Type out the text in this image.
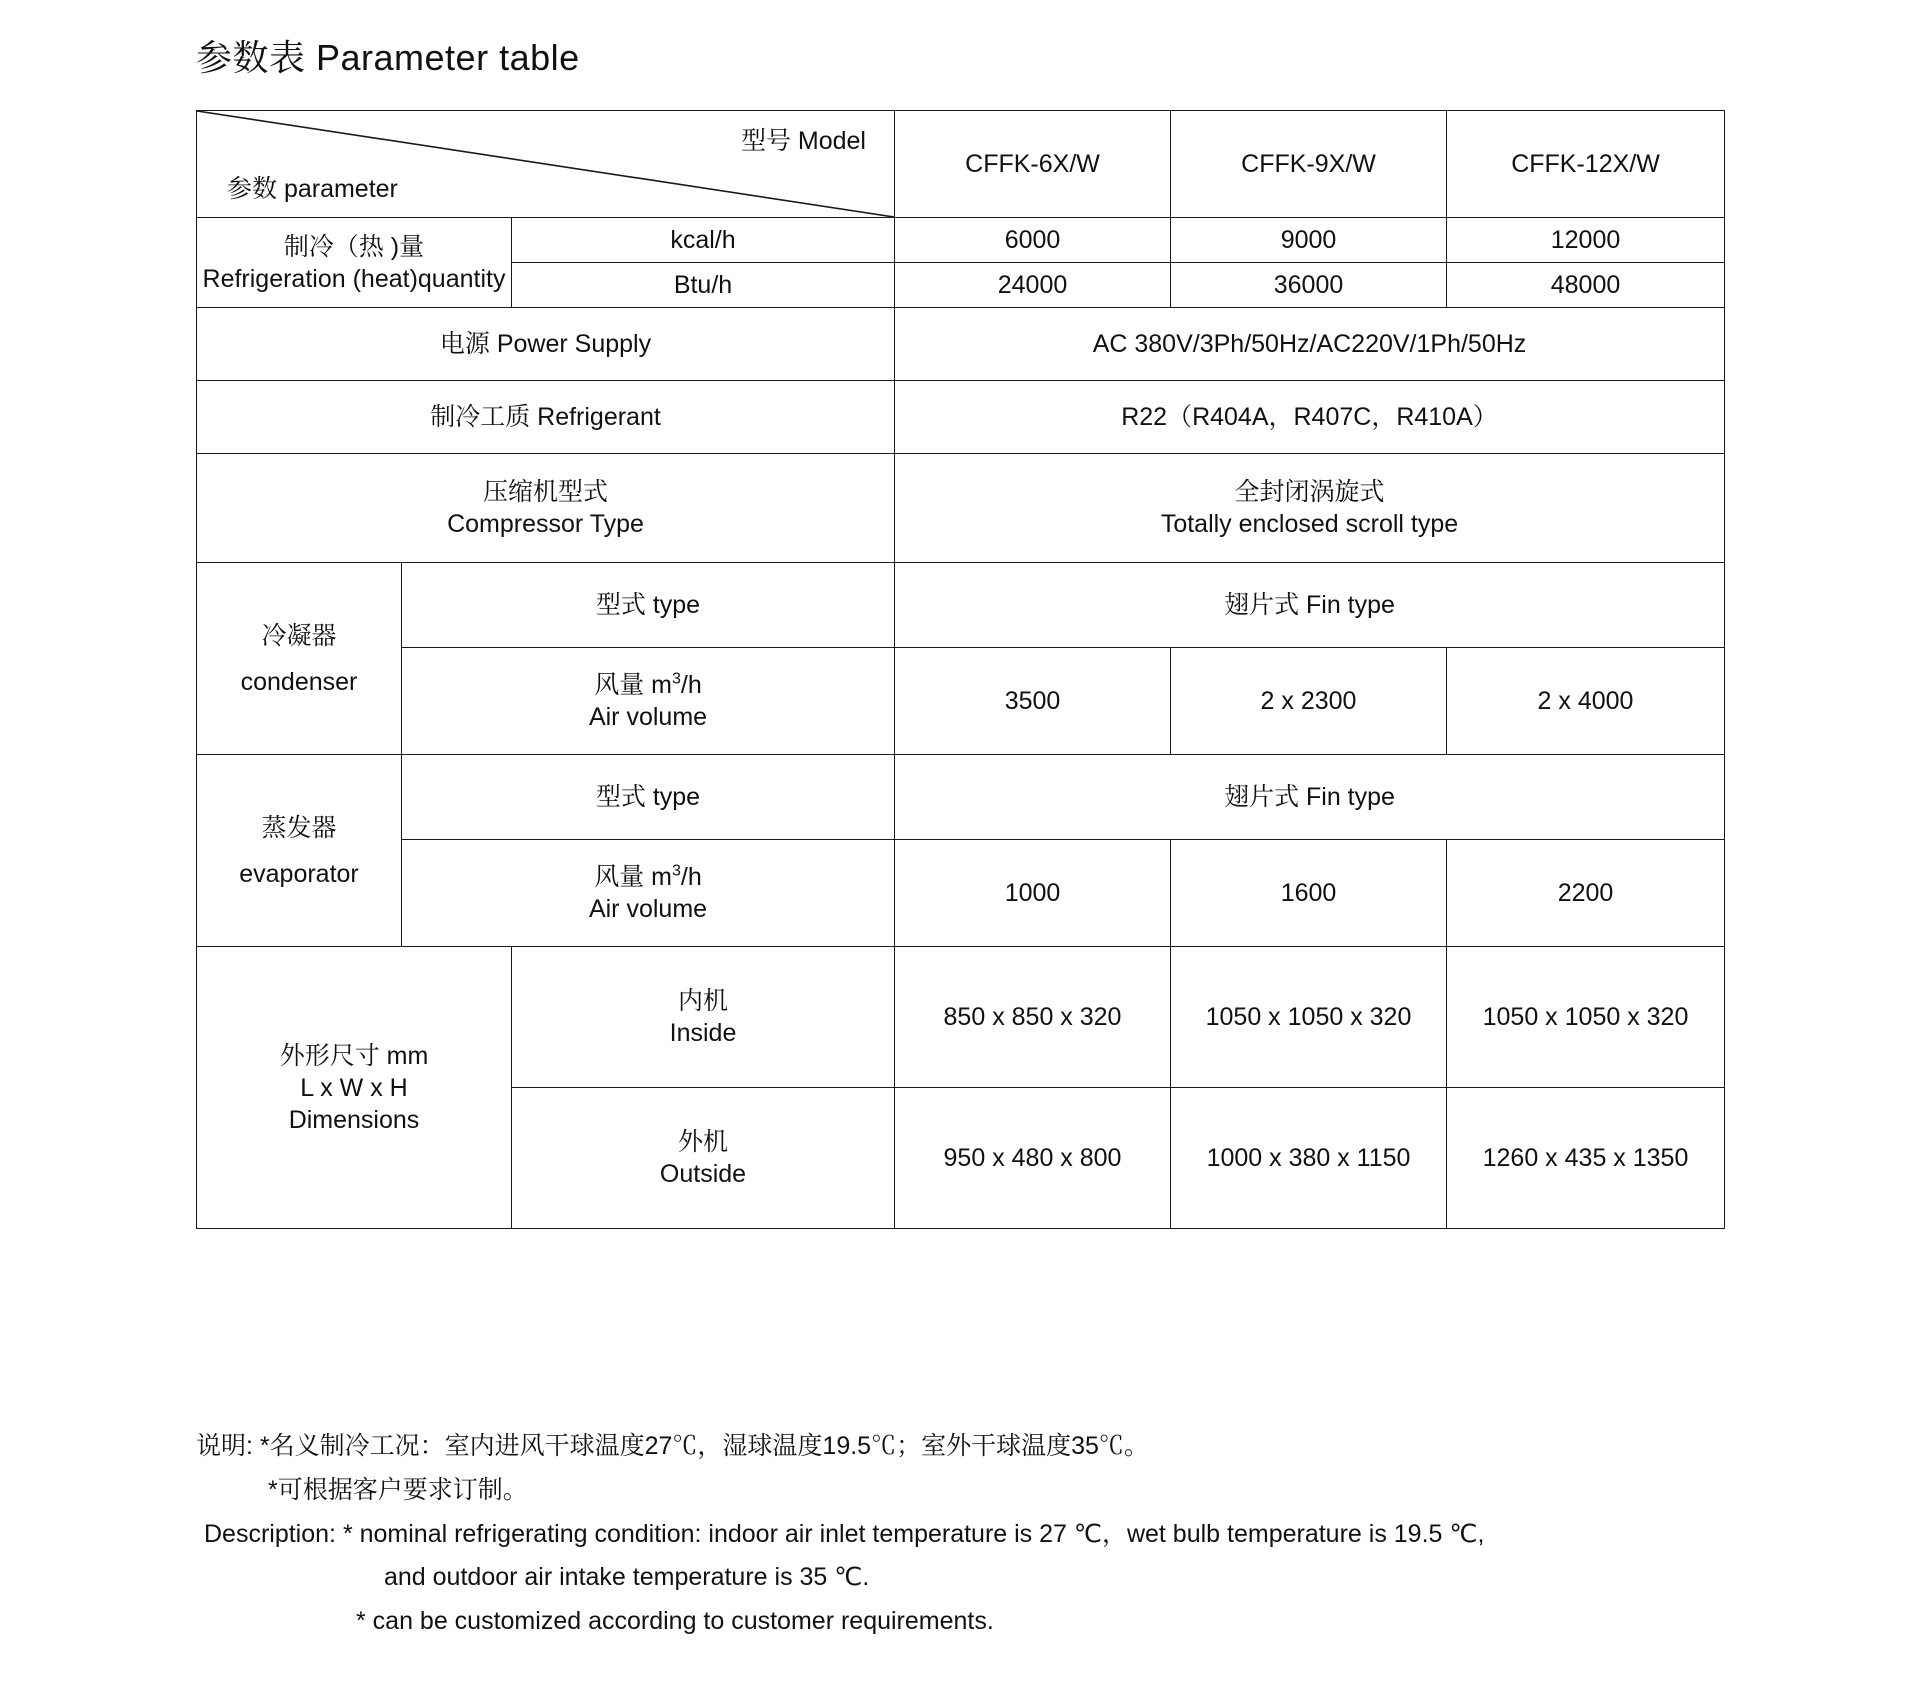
参数表 Parameter table
型号 Model
参数 parameter			CFFK-6X/W	CFFK-9X/W	CFFK-12X/W

制冷（热 )量
Refrigeration (heat)quantity		kcal/h	6000	9000	12000
		Btu/h	24000	36000	48000
电源 Power Supply			AC 380V/3Ph/50Hz/AC220V/1Ph/50Hz		
制冷工质 Refrigerant			R22（R404A，R407C，R410A）		

压缩机型式
Compressor Type			全封闭涡旋式
Totally enclosed scroll type		

冷凝器
condenser	型式 type		翅片式 Fin type		

	风量 $m^3/h$
Air volume		3500	2 x 2300	2 x 4000

蒸发器
evaporator	型式 type		翅片式 Fin type		

	风量 $m^3/h$
Air volume		1000	1600	2200

外形尺寸 mm
L x W x H
Dimensions		内机
Inside	850 x 850 x 320	1050 x 1050 x 320	1050 x 1050 x 320

		外机
Outside	950 x 480 x 800	1000 x 380 x 1150	1260 x 435 x 1350
说明: *名义制冷工况：室内进风干球温度27℃，湿球温度19.5℃；室外干球温度35℃。
*可根据客户要求订制。
Description: * nominal refrigerating condition: indoor air inlet temperature is 27 ℃，wet bulb temperature is 19.5 ℃,
and outdoor air intake temperature is 35 ℃.
* can be customized according to customer requirements.
